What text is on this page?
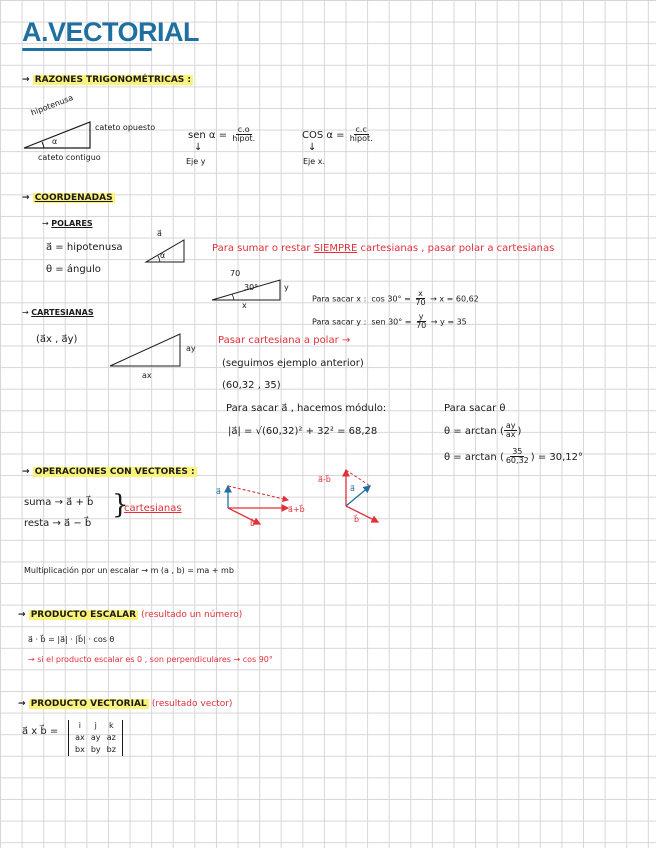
A.VECTORIAL
→ RAZONES TRIGONOMÉTRICAS :
hipotenusa
α
cateto opuesto
cateto contiguo
sen $\alpha = \frac{c.o}{\text{hipot.}}$
↓
Eje y
COS $\alpha = \frac{c.c}{\text{hipot.}}$
↓
Eje x.
→ COORDENADAS
→ POLARES
a⃗ = hipotenusa
θ = ángulo
a⃗
α
Para sumar o restar SIEMPRE cartesianas , pasar polar a cartesianas
70
30°	y
x
Para sacar x : $\cos 30^\circ = \frac{x}{70} \to x = 60,62$
Para sacar y : sen $30^\circ = \frac{y}{70} \to y = 35$
→ CARTESIANAS
(a⃗x , a⃗y)
ay
ax
Pasar cartesiana a polar →
(seguimos ejemplo anterior)
(60,32 , 35)
Para sacar a⃗ , hacemos módulo:
|a⃗| = √(60,32)² + 32² = 68,28
Para sacar θ
θ = arctan ( $\frac{ay}{ax}$ )
θ = arctan ( $\frac{35}{60,32}$ ) = 30,12°
→ OPERACIONES CON VECTORES :
suma → a⃗ + b⃗
resta → a⃗ − b⃗
}
cartesianas
a⃗
b⃗
a⃗+b⃗
a⃗-b⃗
a⃗
b⃗
Multiplicación por un escalar → m (a , b) = ma + mb
→ PRODUCTO ESCALAR (resultado un número)
a⃗ · b⃗ = |a⃗| · |b⃗| · cos θ
→ si el producto escalar es 0 , son perpendiculares → cos 90°
→ PRODUCTO VECTORIAL (resultado vector)
a⃗ x b⃗ =
i	j	k
ax	ay	az
bx	by	bz
